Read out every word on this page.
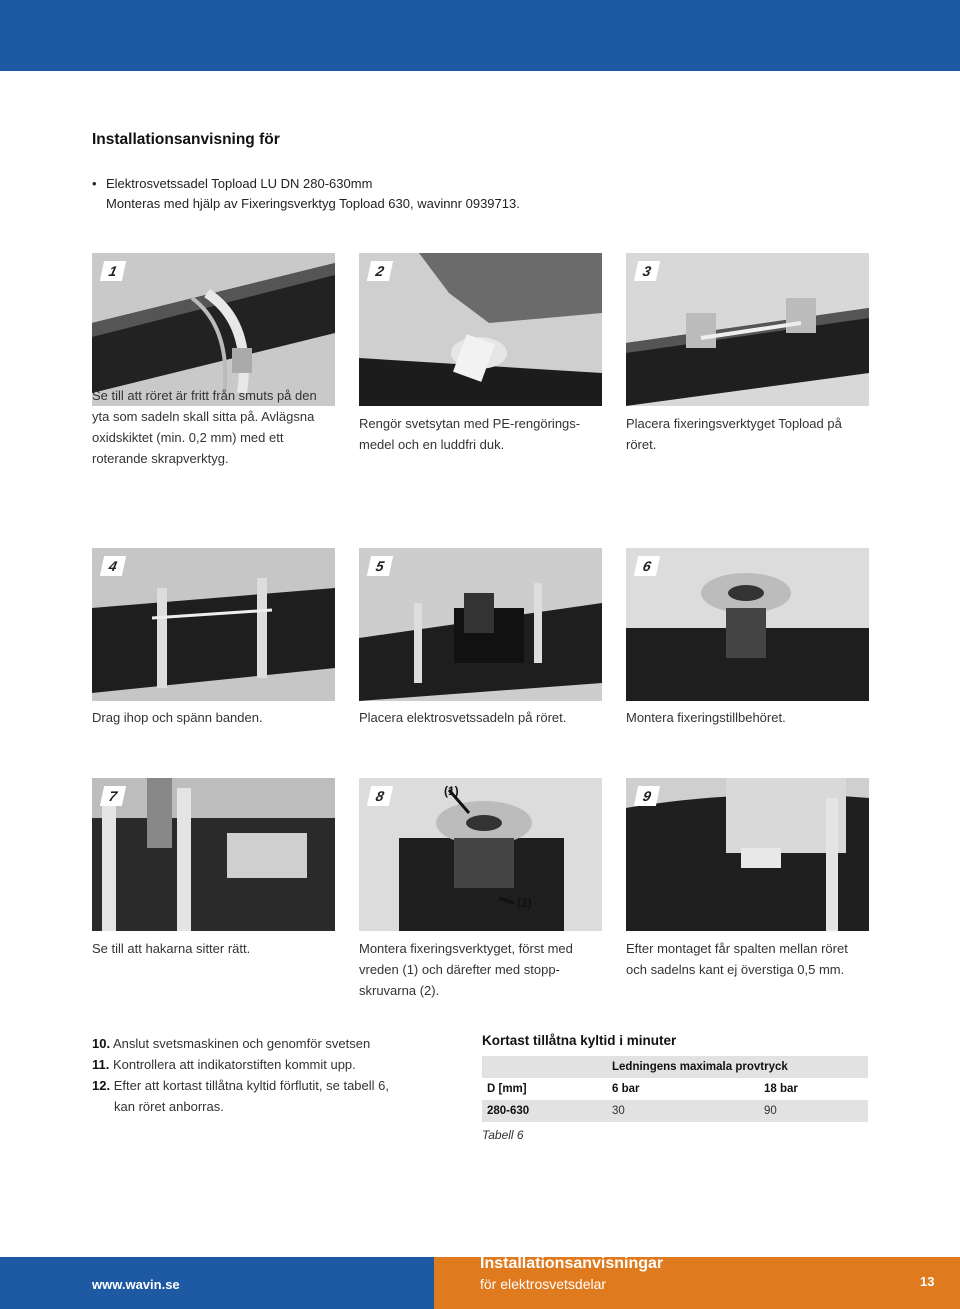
Installationsanvisning för
• Elektrosvetssadel Topload LU DN 280-630mm
Monteras med hjälp av Fixeringsverktyg Topload 630, wavinnr 0939713.
1	2	3
Se till att röret är fritt från smuts på den
yta som sadeln skall sitta på. Avlägsna
oxidskiktet (min. 0,2 mm) med ett
roterande skrapverktyg.
Rengör svetsytan med PE-rengörings-
medel och en luddfri duk.
Placera fixeringsverktyget Topload på
röret.
4	5	6
Drag ihop och spänn banden.	Placera elektrosvetssadeln på röret.	Montera fixeringstillbehöret.
7	8	(1)
(2)
9
Se till att hakarna sitter rätt.	Montera fixeringsverktyget, först med
vreden (1) och därefter med stopp-
skruvarna (2).
Efter montaget får spalten mellan röret
och sadelns kant ej överstiga 0,5 mm.
10. Anslut svetsmaskinen och genomför svetsen
11. Kontrollera att indikatorstiften kommit upp.
12. Efter att kortast tillåtna kyltid förflutit, se tabell 6,
kan röret anborras.
Kortast tillåtna kyltid i minuter
Ledningens maximala provtryck
D [mm]	6 bar	18 bar
280-630	30	90
Tabell 6
www.wavin.se
Installationsanvisningar
för elektrosvetsdelar	13
